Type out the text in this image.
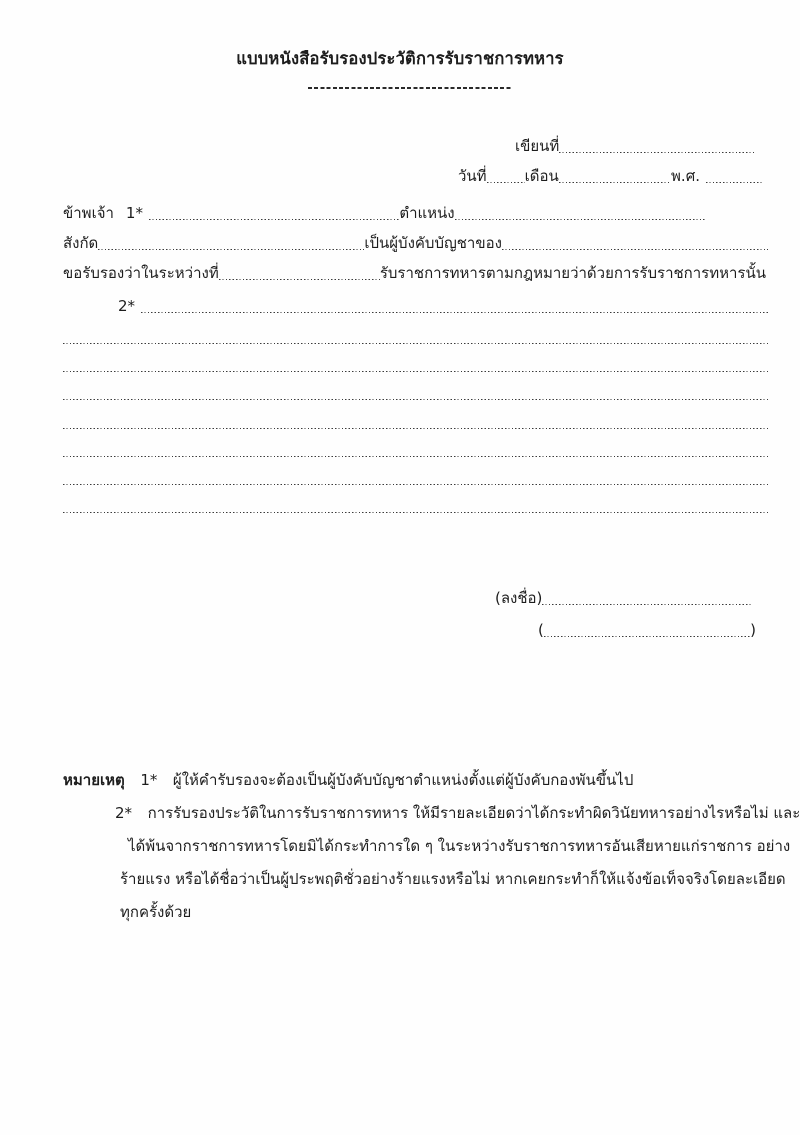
แบบหนังสือรับรองประวัติการรับราชการทหาร
เขียนที่
วันที่	เดือน	พ.ศ.
ข้าพเจ้า 1*	ตำแหน่ง
สังกัด	เป็นผู้บังคับบัญชาของ
ขอรับรองว่าในระหว่างที่	รับราชการทหารตามกฎหมายว่าด้วยการรับราชการทหารนั้น
2*
(ลงชื่อ)
(	)
หมายเหตุ 1* ผู้ให้คำรับรองจะต้องเป็นผู้บังคับบัญชาตำแหน่งตั้งแต่ผู้บังคับกองพันขึ้นไป
2* การรับรองประวัติในการรับราชการทหาร ให้มีรายละเอียดว่าได้กระทำผิดวินัยทหารอย่างไรหรือไม่ และ
ได้พ้นจากราชการทหารโดยมิได้กระทำการใด ๆ ในระหว่างรับราชการทหารอันเสียหายแก่ราชการ อย่าง
ร้ายแรง หรือได้ชื่อว่าเป็นผู้ประพฤติชั่วอย่างร้ายแรงหรือไม่ หากเคยกระทำก็ให้แจ้งข้อเท็จจริงโดยละเอียด
ทุกครั้งด้วย
